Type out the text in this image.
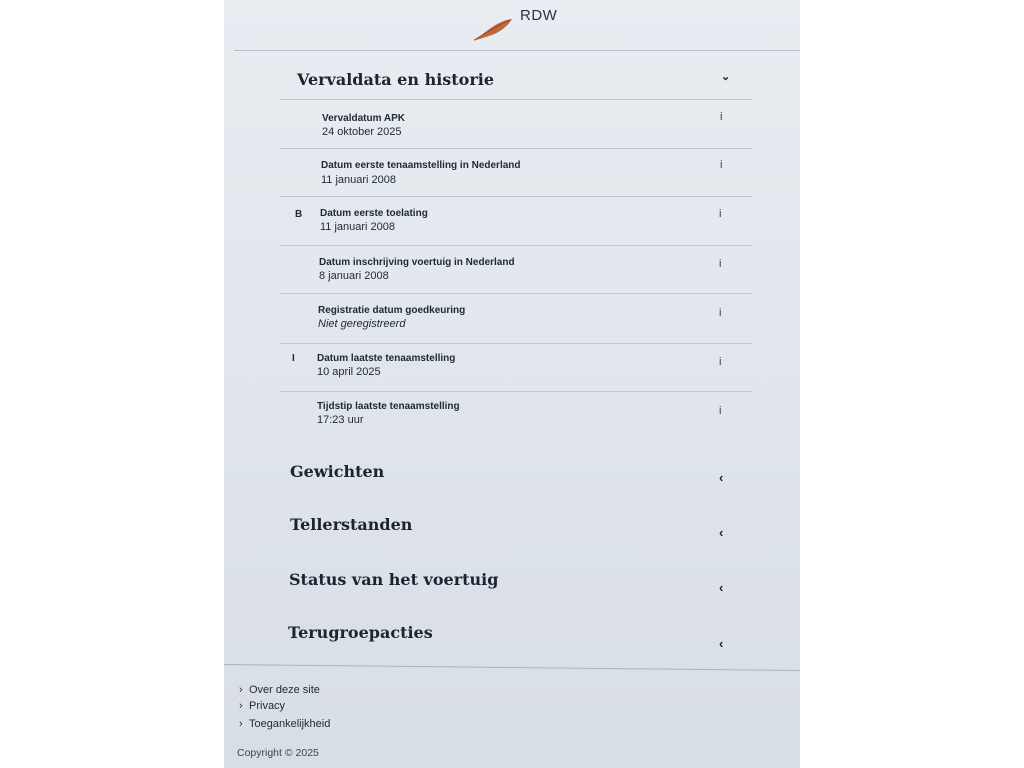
RDW
Vervaldata en historie	⌄
Vervaldatum APK
24 oktober 2025
i
Datum eerste tenaamstelling in Nederland
11 januari 2008
i
B Datum eerste toelating
11 januari 2008
i
Datum inschrijving voertuig in Nederland
8 januari 2008
i
Registratie datum goedkeuring
Niet geregistreerd
i
I Datum laatste tenaamstelling
10 april 2025
i
Tijdstip laatste tenaamstelling
17:23 uur
i
Gewichten	‹
Tellerstanden	‹
Status van het voertuig	‹
Terugroepacties
‹
› Over deze site
› Privacy
› Toegankelijkheid
Copyright © 2025
